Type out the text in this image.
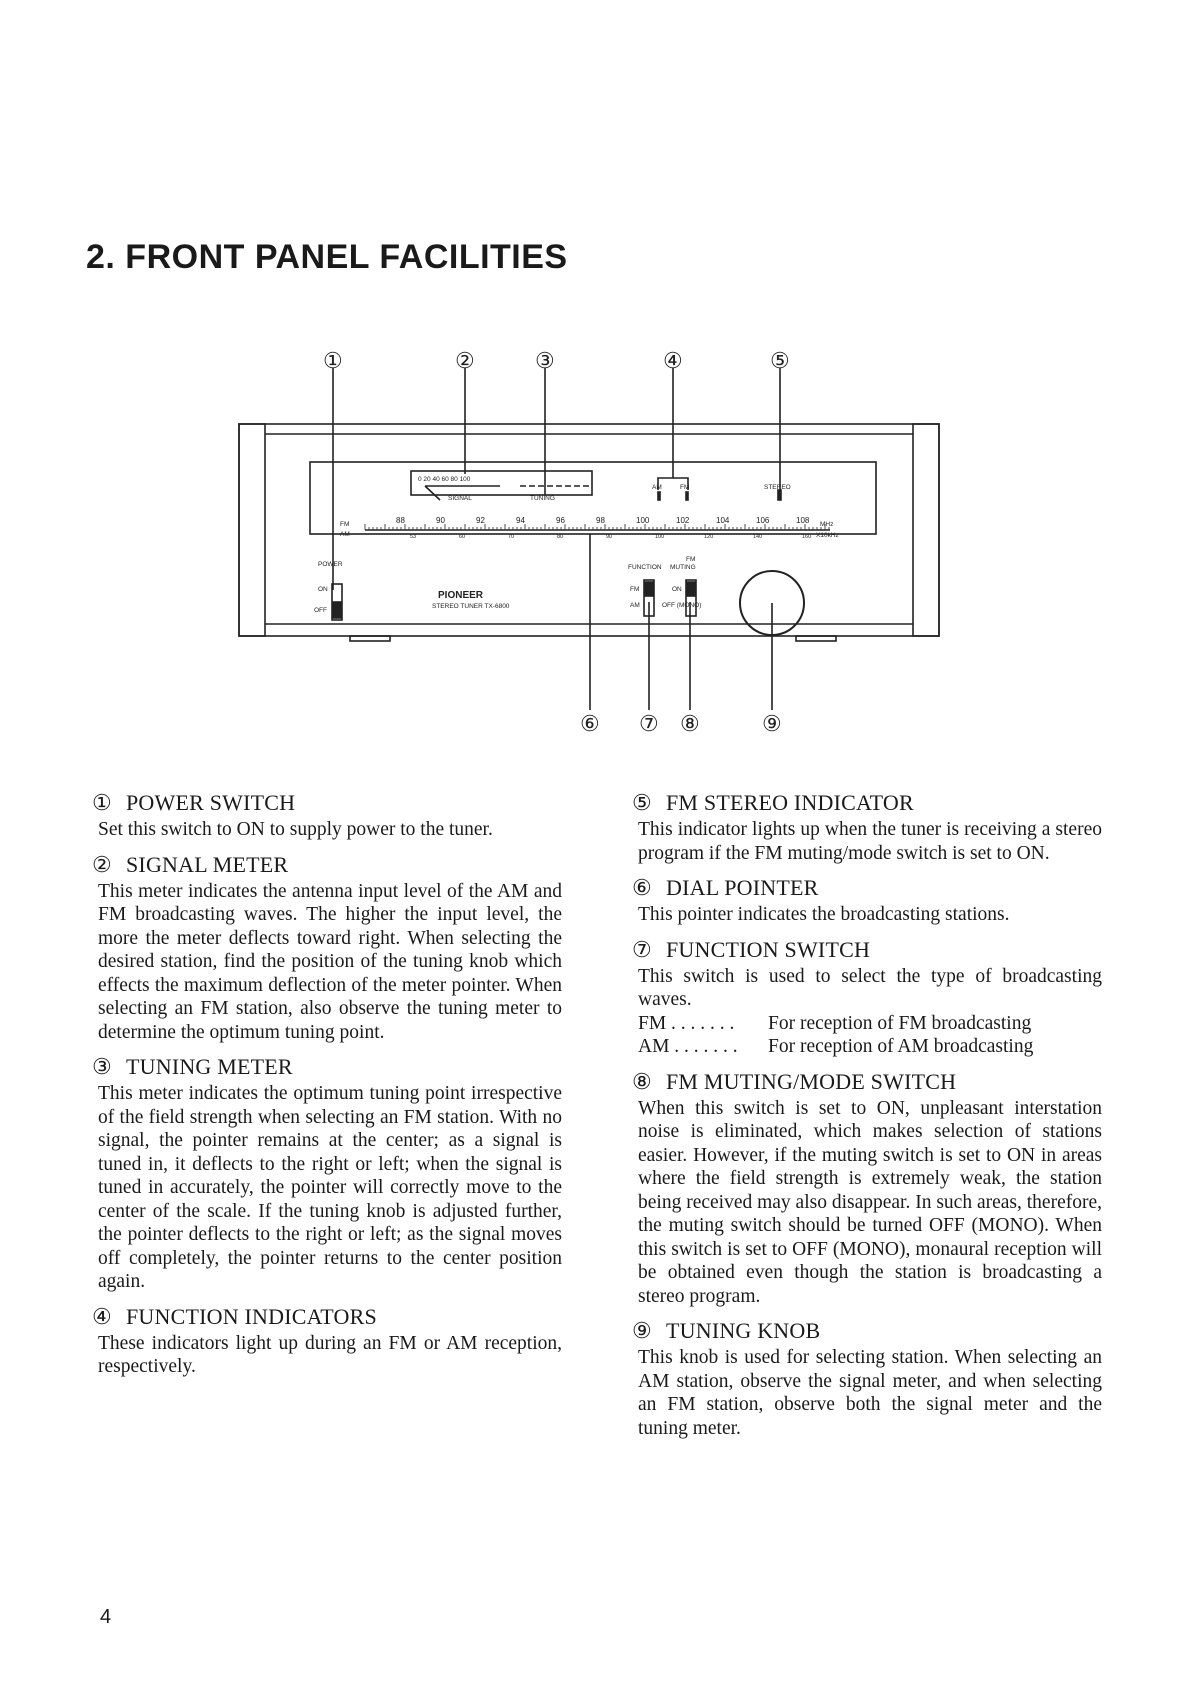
2. FRONT PANEL FACILITIES
①	②	③	④	⑤
⑥ ⑦ ⑧	⑨
0 20 40 60 80 100
SIGNAL	TUNING
AM	FM	STEREO
FM
AM
MHz
X10kHz
POWER
ON
OFF
STEREO TUNER TX-6800
FUNCTION
FM
MUTING
FM
AM
ON
OFF (MONO)
PIONEER
88	90	92	94	96	98	100	102	104	106	108
53	60	70	80	90	100	120	140	160
① POWER SWITCH

Set this switch to ON to supply power to the tuner.

② SIGNAL METER

This meter indicates the antenna input level of the AM and FM broadcasting waves. The higher the input level, the more the meter deflects toward right. When selecting the desired station, find the position of the tuning knob which effects the maximum deflection of the meter pointer. When selecting an FM station, also observe the tuning meter to determine the optimum tuning point.

③ TUNING METER

This meter indicates the optimum tuning point irrespective of the field strength when selecting an FM station. With no signal, the pointer remains at the center; as a signal is tuned in, it deflects to the right or left; when the signal is tuned in accurately, the pointer will correctly move to the center of the scale. If the tuning knob is adjusted further, the pointer deflects to the right or left; as the signal moves off completely, the pointer returns to the center position again.

④ FUNCTION INDICATORS

These indicators light up during an FM or AM reception, respectively.

⑤ FM STEREO INDICATOR

This indicator lights up when the tuner is receiving a stereo program if the FM muting/mode switch is set to ON.

⑥ DIAL POINTER

This pointer indicates the broadcasting stations.

⑦ FUNCTION SWITCH

This switch is used to select the type of broadcasting waves.

FM . . . . . . .	For reception of FM broadcasting
AM . . . . . . .	For reception of AM broadcasting
⑧ FM MUTING/MODE SWITCH

When this switch is set to ON, unpleasant interstation noise is eliminated, which makes selection of stations easier. However, if the muting switch is set to ON in areas where the field strength is extremely weak, the station being received may also disappear. In such areas, therefore, the muting switch should be turned OFF (MONO). When this switch is set to OFF (MONO), monaural reception will be obtained even though the station is broadcasting a stereo program.

⑨ TUNING KNOB

This knob is used for selecting station. When selecting an AM station, observe the signal meter, and when selecting an FM station, observe both the signal meter and the tuning meter.

4
